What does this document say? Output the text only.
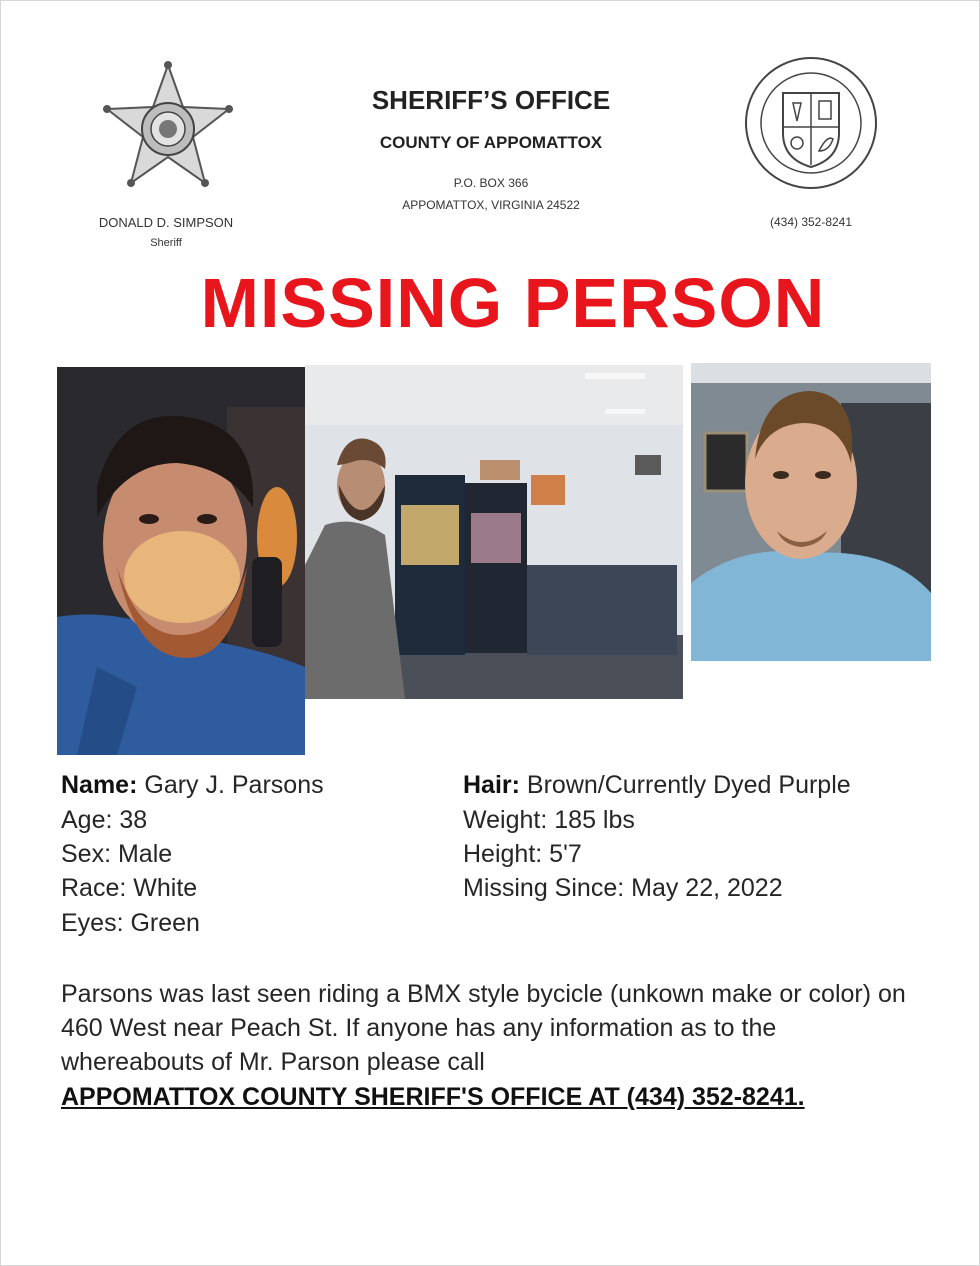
DONALD D. SIMPSON
Sheriff
SHERIFF’S OFFICE
COUNTY OF APPOMATTOX
P.O. BOX 366
APPOMATTOX, VIRGINIA 24522
(434) 352-8241
MISSING PERSON
Name: Gary J. Parsons
Age: 38
Sex: Male
Race: White
Eyes: Green
Hair: Brown/Currently Dyed Purple
Weight: 185 lbs
Height: 5'7
Missing Since: May 22, 2022
Parsons was last seen riding a BMX style bycicle (unkown make or color) on 460 West near Peach St. If anyone has any information as to the whereabouts of Mr. Parson please call
APPOMATTOX COUNTY SHERIFF'S OFFICE AT (434) 352-8241.
